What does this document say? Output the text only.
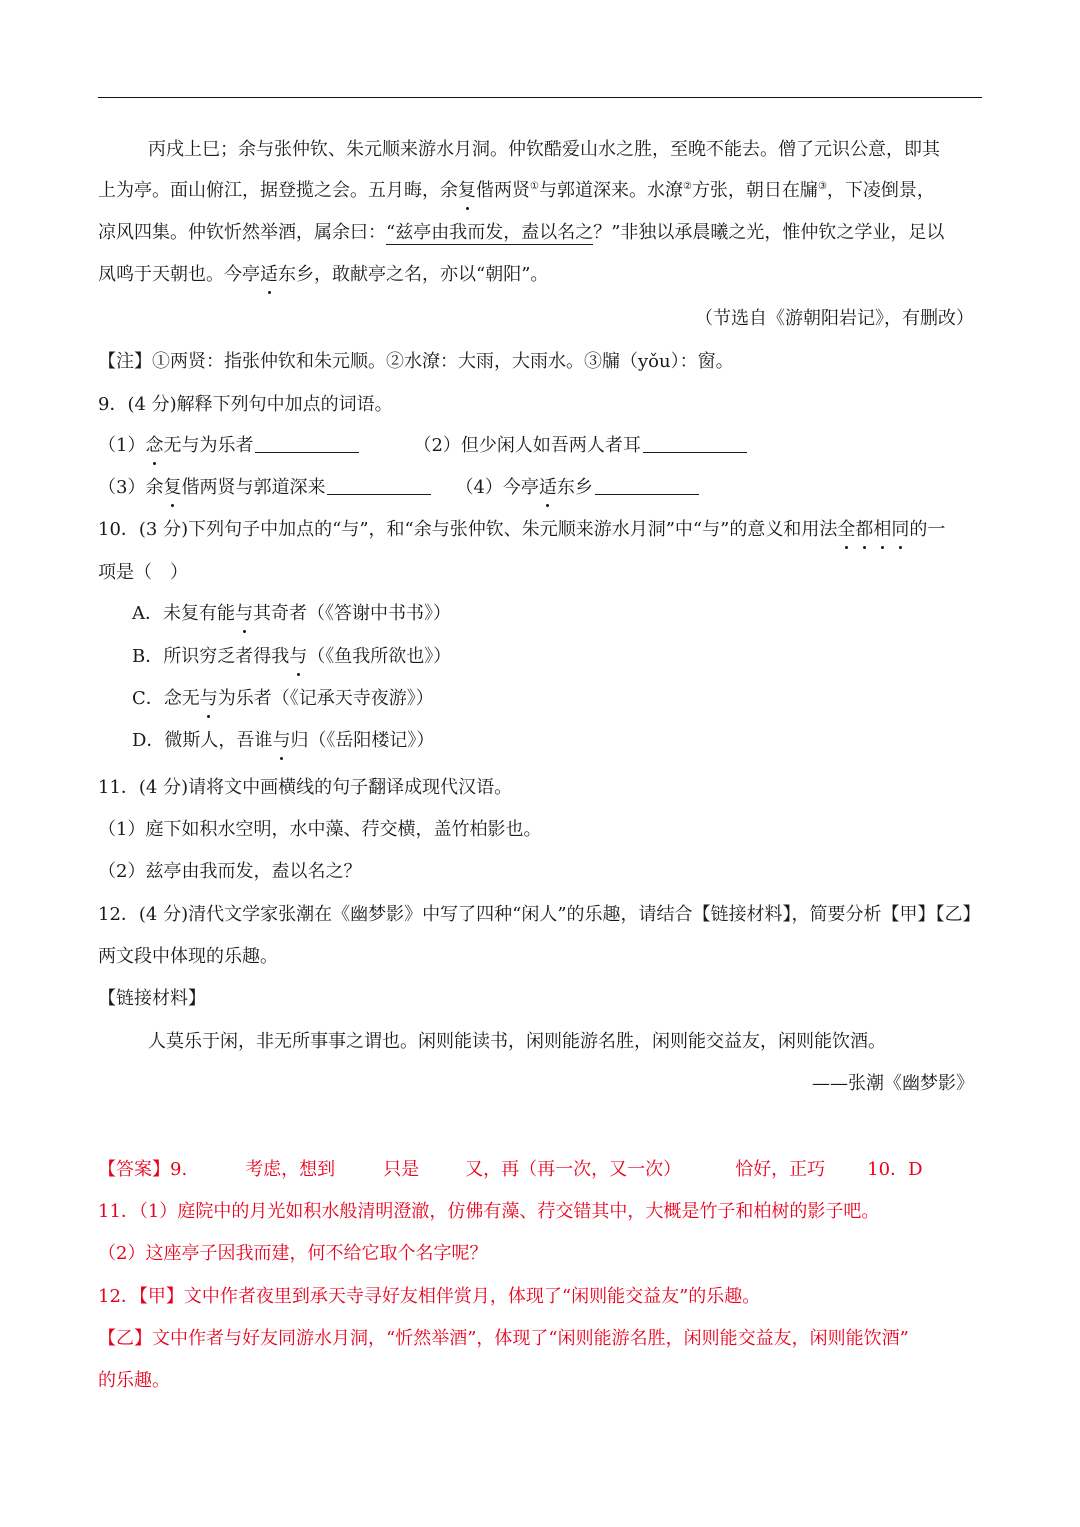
丙戌上巳；余与张仲钦、朱元顺来游水月洞。仲钦酷爱山水之胜，至晚不能去。僧了元识公意，即其
上为亭。面山俯江，据登揽之会。五月晦，余复偕两贤①与郭道深来。水潦②方张，朝日在牖③，下凌倒景，
凉风四集。仲钦忻然举酒，属余曰：“兹亭由我而发，盍以名之？”非独以承晨曦之光，惟仲钦之学业，足以
凤鸣于天朝也。今亭适东乡，敢献亭之名，亦以“朝阳”。
（节选自《游朝阳岩记》，有删改）
【注】①两贤：指张仲钦和朱元顺。②水潦：大雨，大雨水。③牖（yǒu）：窗。
9．(4 分)解释下列句中加点的词语。
（1）念无与为乐者	（2）但少闲人如吾两人者耳
（3）余复偕两贤与郭道深来	（4）今亭适东乡
10．(3 分)下列句子中加点的“与”，和“余与张仲钦、朱元顺来游水月洞”中“与”的意义和用法全都相同的一
项是（　）
A．未复有能与其奇者（《答谢中书书》）
B．所识穷乏者得我与（《鱼我所欲也》）
C．念无与为乐者（《记承天寺夜游》）
D．微斯人，吾谁与归（《岳阳楼记》）
11．(4 分)请将文中画横线的句子翻译成现代汉语。
（1）庭下如积水空明，水中藻、荇交横，盖竹柏影也。
（2）兹亭由我而发，盍以名之？
12．(4 分)清代文学家张潮在《幽梦影》中写了四种“闲人”的乐趣，请结合【链接材料】，简要分析【甲】【乙】
两文段中体现的乐趣。
【链接材料】
人莫乐于闲，非无所事事之谓也。闲则能读书，闲则能游名胜，闲则能交益友，闲则能饮酒。
——张潮《幽梦影》
【答案】9.	考虑，想到	只是	又，再（再一次，又一次）	恰好，正巧 10．D
11．（1）庭院中的月光如积水般清明澄澈，仿佛有藻、荇交错其中，大概是竹子和柏树的影子吧。
（2）这座亭子因我而建，何不给它取个名字呢？
12．【甲】文中作者夜里到承天寺寻好友相伴赏月，体现了“闲则能交益友”的乐趣。
【乙】文中作者与好友同游水月洞，“忻然举酒”，体现了“闲则能游名胜，闲则能交益友，闲则能饮酒”
的乐趣。
